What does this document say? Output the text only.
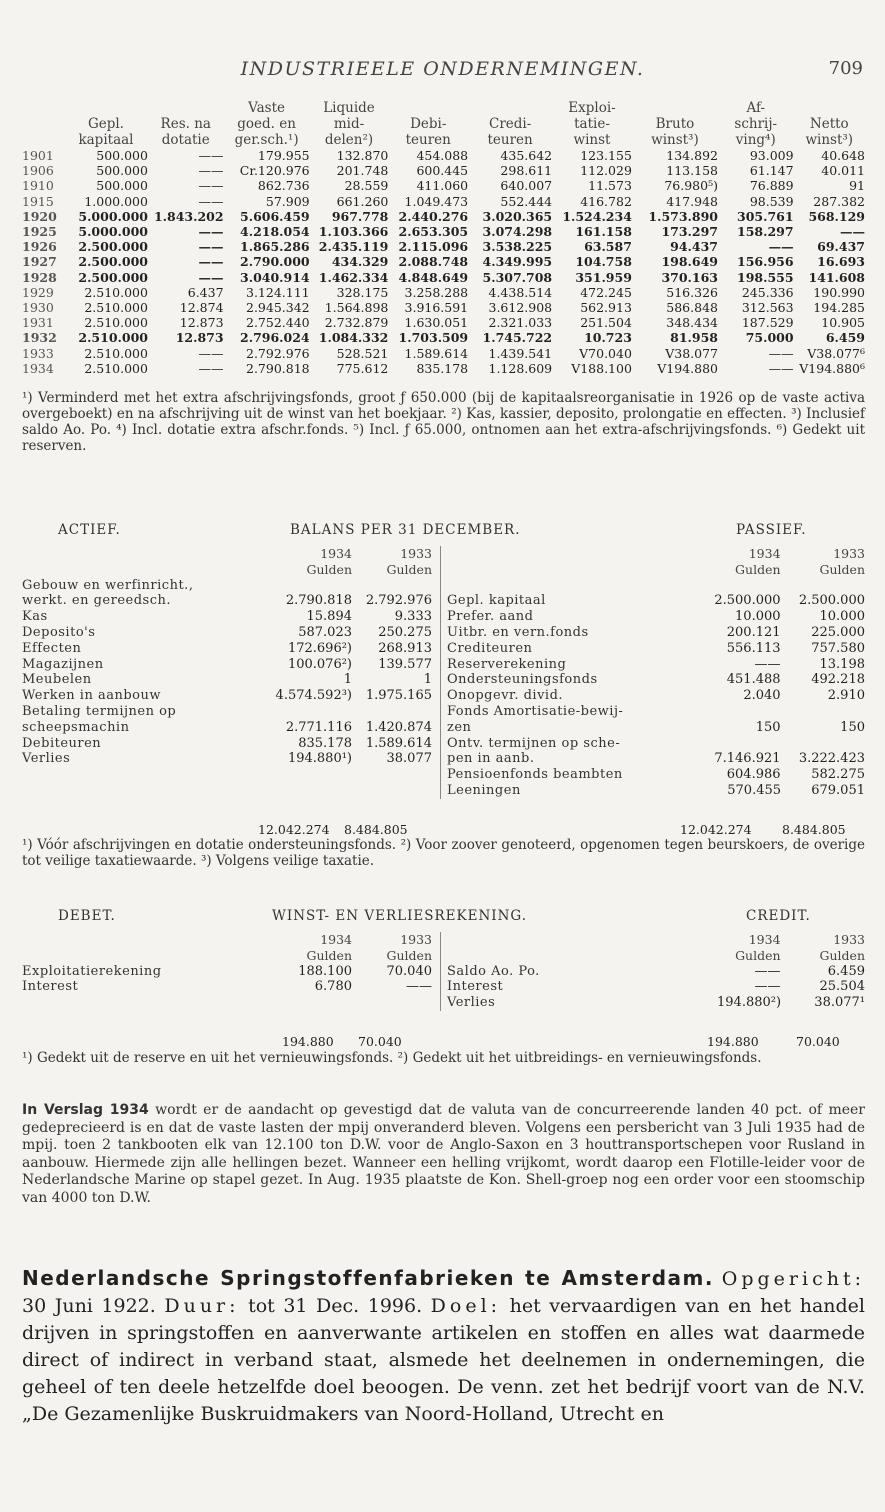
INDUSTRIEELE ONDERNEMINGEN.	709
			Vaste	Liquide			Exploi-		Af-	
	Gepl.	Res. na	goed. en	mid-	Debi-	Credi-	tatie-	Bruto	schrij-	Netto
	kapitaal	dotatie	ger.sch.¹)	delen²)	teuren	teuren	winst	winst³)	ving⁴)	winst³)
1901	500.000	——	179.955	132.870	454.088	435.642	123.155	134.892	93.009	40.648
1906	500.000	——	Cr.120.976	201.748	600.445	298.611	112.029	113.158	61.147	40.011
1910	500.000	——	862.736	28.559	411.060	640.007	11.573	76.980⁵)	76.889	91
1915	1.000.000	——	57.909	661.260	1.049.473	552.444	416.782	417.948	98.539	287.382
1920	5.000.000	1.843.202	5.606.459	967.778	2.440.276	3.020.365	1.524.234	1.573.890	305.761	568.129
1925	5.000.000	——	4.218.054	1.103.366	2.653.305	3.074.298	161.158	173.297	158.297	——
1926	2.500.000	——	1.865.286	2.435.119	2.115.096	3.538.225	63.587	94.437	——	69.437
1927	2.500.000	——	2.790.000	434.329	2.088.748	4.349.995	104.758	198.649	156.956	16.693
1928	2.500.000	——	3.040.914	1.462.334	4.848.649	5.307.708	351.959	370.163	198.555	141.608
1929	2.510.000	6.437	3.124.111	328.175	3.258.288	4.438.514	472.245	516.326	245.336	190.990
1930	2.510.000	12.874	2.945.342	1.564.898	3.916.591	3.612.908	562.913	586.848	312.563	194.285
1931	2.510.000	12.873	2.752.440	2.732.879	1.630.051	2.321.033	251.504	348.434	187.529	10.905
1932	2.510.000	12.873	2.796.024	1.084.332	1.703.509	1.745.722	10.723	81.958	75.000	6.459
1933	2.510.000	——	2.792.976	528.521	1.589.614	1.439.541	V70.040	V38.077	——	V38.077⁶
1934	2.510.000	——	2.790.818	775.612	835.178	1.128.609	V188.100	V194.880	——	V194.880⁶
¹) Verminderd met het extra afschrijvingsfonds, groot ƒ 650.000 (bij de kapitaalsreorganisatie in 1926 op de vaste activa overgeboekt) en na afschrijving uit de winst van het boekjaar. ²) Kas, kassier, deposito, prolongatie en effecten. ³) Inclusief saldo Ao. Po. ⁴) Incl. dotatie extra afschr.fonds. ⁵) Incl. ƒ 65.000, ontnomen aan het extra-afschrijvingsfonds. ⁶) Gedekt uit reserven.
ACTIEF.	BALANS PER 31 DECEMBER.	PASSIEF.
	1934	1933
	Gulden	Gulden
Gebouw en werfinricht.,		
werkt. en gereedsch.	2.790.818	2.792.976
Kas	15.894	9.333
Deposito's	587.023	250.275
Effecten	172.696²)	268.913
Magazijnen	100.076²)	139.577
Meubelen	1	1
Werken in aanbouw	4.574.592³)	1.975.165
Betaling termijnen op		
scheepsmachin	2.771.116	1.420.874
Debiteuren	835.178	1.589.614
Verlies	194.880¹)	38.077
	1934	1933
	Gulden	Gulden

Gepl. kapitaal	2.500.000	2.500.000
Prefer. aand	10.000	10.000
Uitbr. en vern.fonds	200.121	225.000
Crediteuren	556.113	757.580
Reserverekening	——	13.198
Ondersteuningsfonds	451.488	492.218
Onopgevr. divid.	2.040	2.910
Fonds Amortisatie-bewij-		
zen	150	150
Ontv. termijnen op sche-		
pen in aanb.	7.146.921	3.222.423
Pensioenfonds beambten	604.986	582.275
Leeningen	570.455	679.051
12.042.274 8.484.805	12.042.274 8.484.805
¹) Vóór afschrijvingen en dotatie ondersteuningsfonds. ²) Voor zoover genoteerd, opgenomen tegen beurskoers, de overige tot veilige taxatiewaarde. ³) Volgens veilige taxatie.
DEBET.	WINST- EN VERLIESREKENING.	CREDIT.
	1934	1933
	Gulden	Gulden
Exploitatierekening	188.100	70.040
Interest	6.780	——

	1934	1933
	Gulden	Gulden
Saldo Ao. Po.	——	6.459
Interest	——	25.504
Verlies	194.880²)	38.077¹
194.880 70.040	194.880	70.040
¹) Gedekt uit de reserve en uit het vernieuwingsfonds. ²) Gedekt uit het uitbreidings- en vernieuwingsfonds.
In Verslag 1934 wordt er de aandacht op gevestigd dat de valuta van de concurreerende landen 40 pct. of meer gedeprecieerd is en dat de vaste lasten der mpij onveranderd bleven. Volgens een persbericht van 3 Juli 1935 had de mpij. toen 2 tankbooten elk van 12.100 ton D.W. voor de Anglo-Saxon en 3 houttransportschepen voor Rusland in aanbouw. Hiermede zijn alle hellingen bezet. Wanneer een helling vrijkomt, wordt daarop een Flotille-leider voor de Nederlandsche Marine op stapel gezet. In Aug. 1935 plaatste de Kon. Shell-groep nog een order voor een stoomschip van 4000 ton D.W.
Nederlandsche Springstoffenfabrieken te Amsterdam. Opgericht: 30 Juni 1922. Duur: tot 31 Dec. 1996. Doel: het vervaardigen van en het handel drijven in springstoffen en aanverwante artikelen en stoffen en alles wat daarmede direct of indirect in verband staat, alsmede het deelnemen in ondernemingen, die geheel of ten deele hetzelfde doel beoogen. De venn. zet het bedrijf voort van de N.V. „De Gezamenlijke Buskruidmakers van Noord-Holland, Utrecht en
